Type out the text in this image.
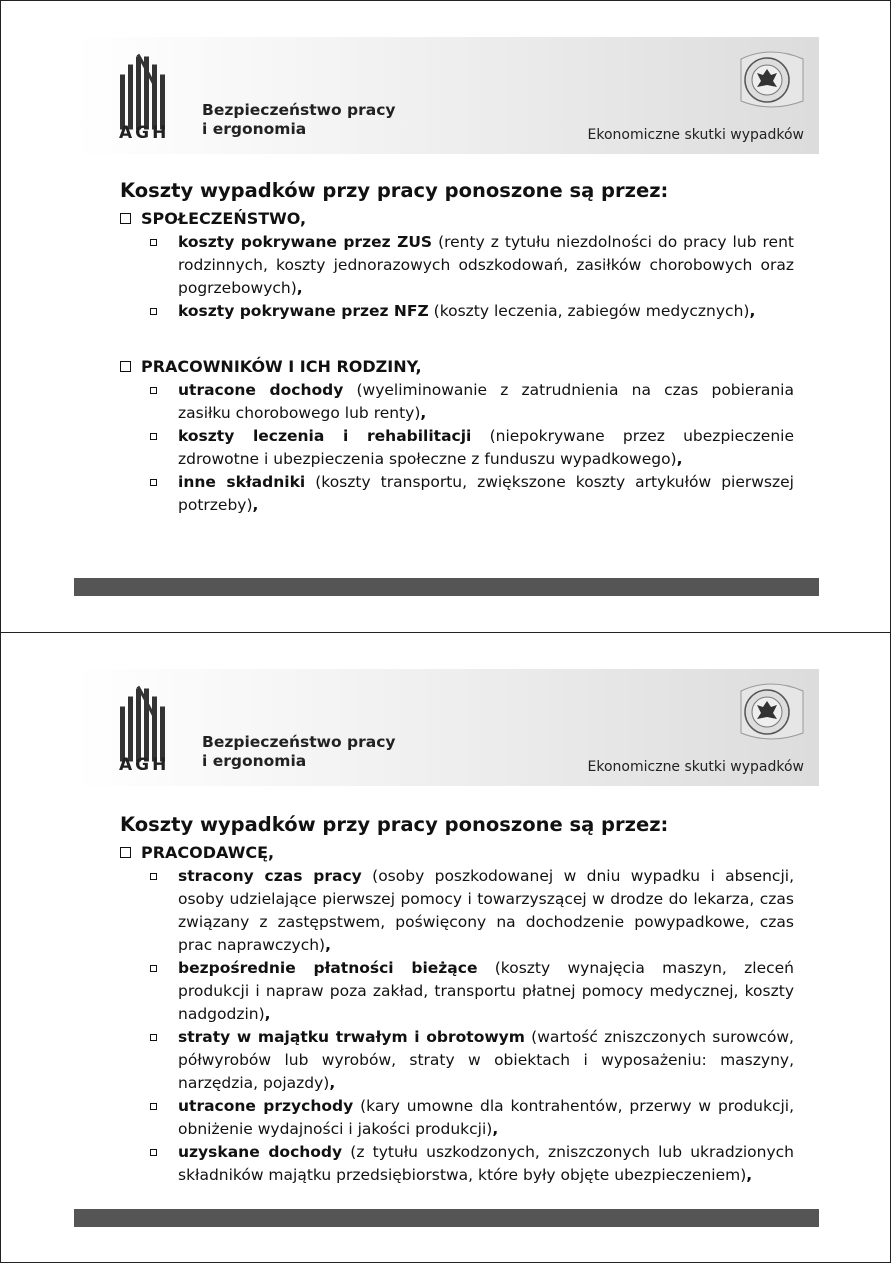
AGH
Bezpieczeństwo pracy
i ergonomia	Ekonomiczne skutki wypadków
Koszty wypadków przy pracy ponoszone są przez:
SPOŁECZEŃSTWO,
koszty pokrywane przez ZUS (renty z tytułu niezdolności do pracy lub rent rodzinnych, koszty jednorazowych odszkodowań, zasiłków chorobowych oraz pogrzebowych),
koszty pokrywane przez NFZ (koszty leczenia, zabiegów medycznych),
PRACOWNIKÓW I ICH RODZINY,
utracone dochody (wyeliminowanie z zatrudnienia na czas pobierania zasiłku chorobowego lub renty),
koszty leczenia i rehabilitacji (niepokrywane przez ubezpieczenie zdrowotne i ubezpieczenia społeczne z funduszu wypadkowego),
inne składniki (koszty transportu, zwiększone koszty artykułów pierwszej potrzeby),
AGH
Bezpieczeństwo pracy
i ergonomia	Ekonomiczne skutki wypadków
Koszty wypadków przy pracy ponoszone są przez:
PRACODAWCĘ,
stracony czas pracy (osoby poszkodowanej w dniu wypadku i absencji, osoby udzielające pierwszej pomocy i towarzyszącej w drodze do lekarza, czas związany z zastępstwem, poświęcony na dochodzenie powypadkowe, czas prac naprawczych),
bezpośrednie płatności bieżące (koszty wynajęcia maszyn, zleceń produkcji i napraw poza zakład, transportu płatnej pomocy medycznej, koszty nadgodzin),
straty w majątku trwałym i obrotowym (wartość zniszczonych surowców, półwyrobów lub wyrobów, straty w obiektach i wyposażeniu: maszyny, narzędzia, pojazdy),
utracone przychody (kary umowne dla kontrahentów, przerwy w produkcji, obniżenie wydajności i jakości produkcji),
uzyskane dochody (z tytułu uszkodzonych, zniszczonych lub ukradzionych składników majątku przedsiębiorstwa, które były objęte ubezpieczeniem),
